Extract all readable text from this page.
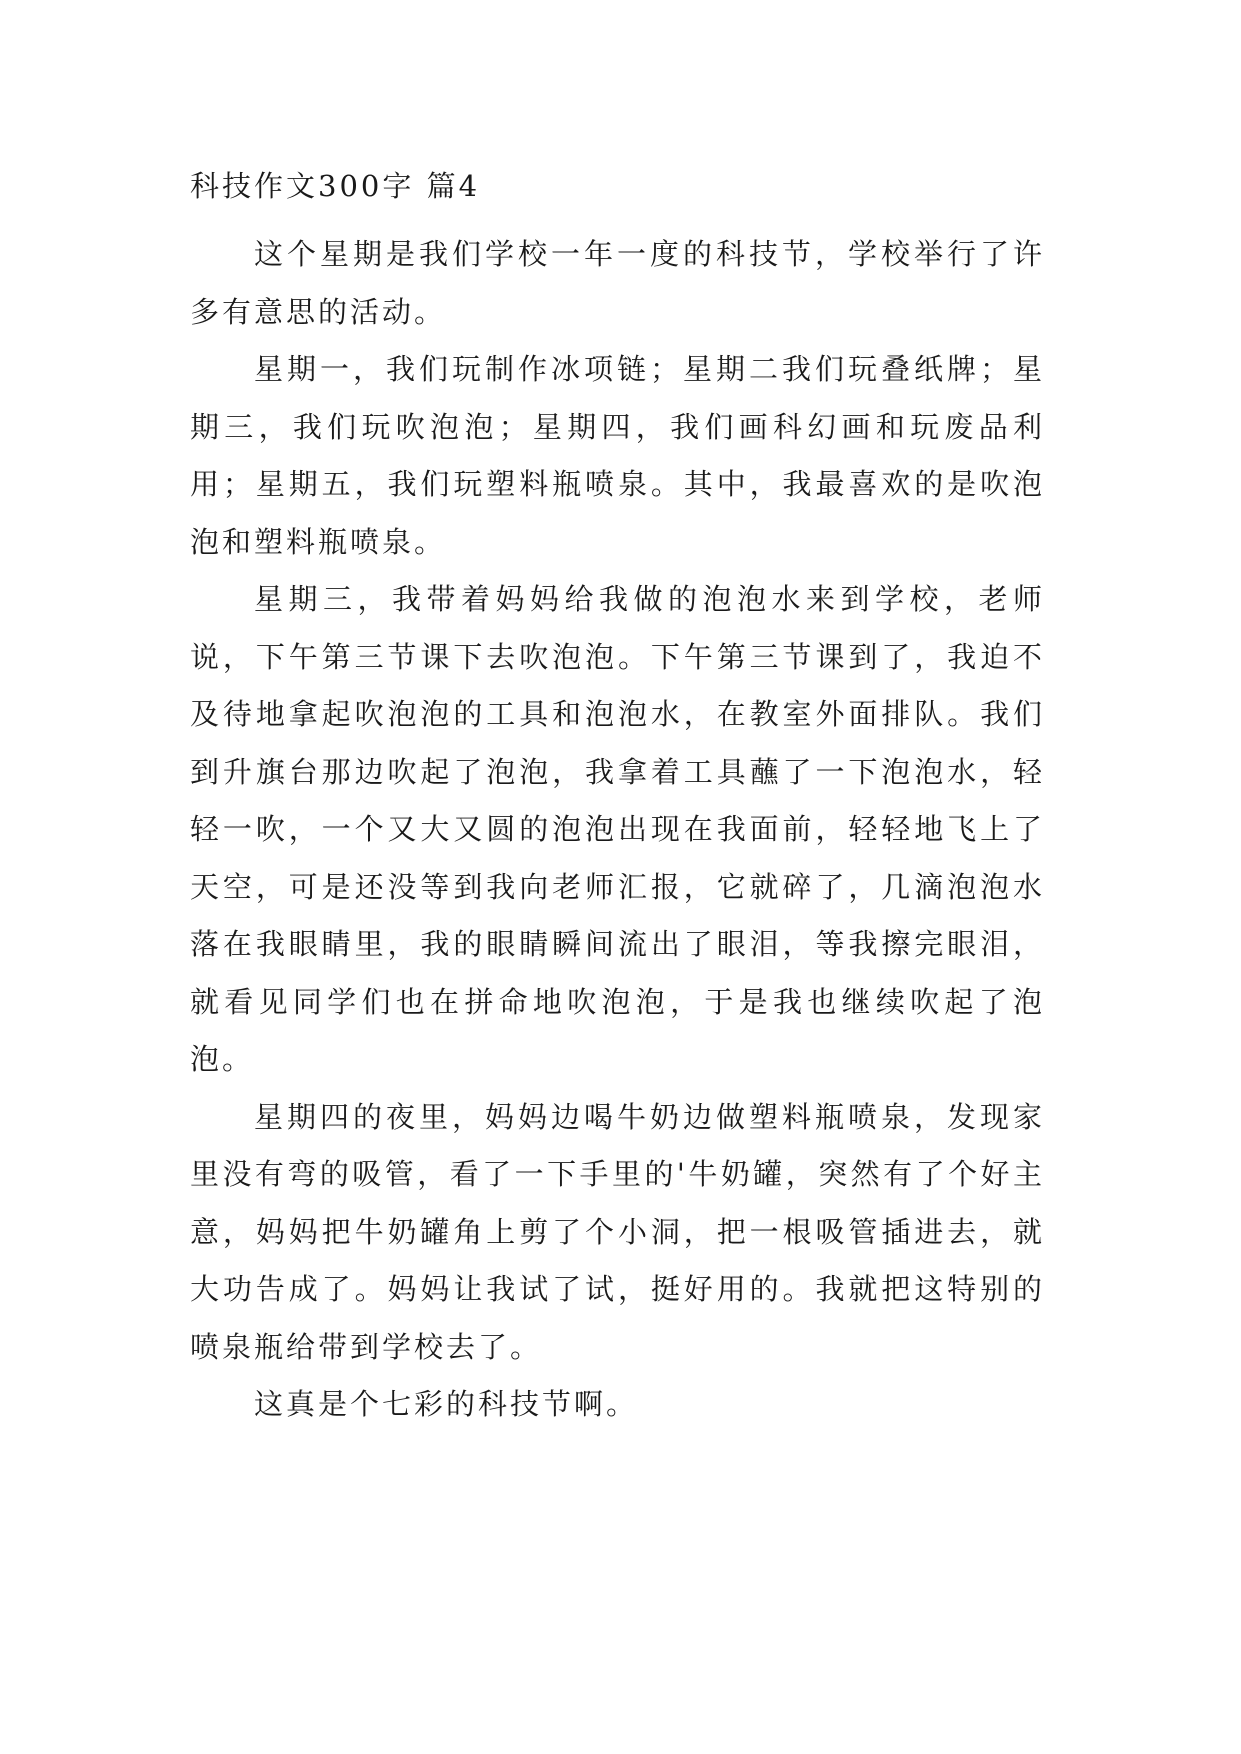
科技作文300字 篇4

这个星期是我们学校一年一度的科技节，学校举行了许多有意思的活动。

星期一，我们玩制作冰项链；星期二我们玩叠纸牌；星期三，我们玩吹泡泡；星期四，我们画科幻画和玩废品利用；星期五，我们玩塑料瓶喷泉。其中，我最喜欢的是吹泡泡和塑料瓶喷泉。

星期三，我带着妈妈给我做的泡泡水来到学校，老师说，下午第三节课下去吹泡泡。下午第三节课到了，我迫不及待地拿起吹泡泡的工具和泡泡水，在教室外面排队。我们到升旗台那边吹起了泡泡，我拿着工具蘸了一下泡泡水，轻轻一吹，一个又大又圆的泡泡出现在我面前，轻轻地飞上了天空，可是还没等到我向老师汇报，它就碎了，几滴泡泡水落在我眼睛里，我的眼睛瞬间流出了眼泪，等我擦完眼泪，就看见同学们也在拼命地吹泡泡，于是我也继续吹起了泡泡。

星期四的夜里，妈妈边喝牛奶边做塑料瓶喷泉，发现家里没有弯的吸管，看了一下手里的'牛奶罐，突然有了个好主意，妈妈把牛奶罐角上剪了个小洞，把一根吸管插进去，就大功告成了。妈妈让我试了试，挺好用的。我就把这特别的喷泉瓶给带到学校去了。

这真是个七彩的科技节啊。
